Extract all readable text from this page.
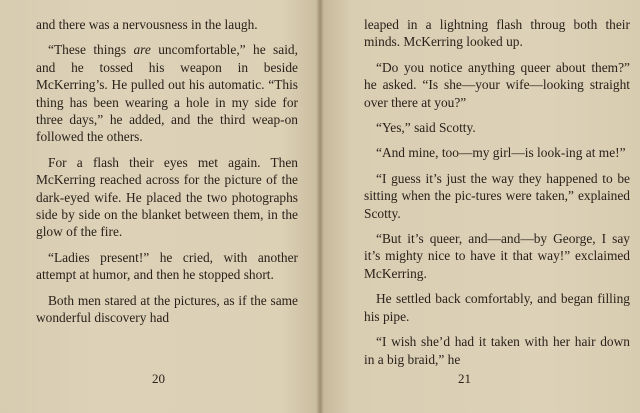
and there was a nervousness in the laugh.

“These things are uncomfortable,” he said, and he tossed his weapon in beside McKerring’s. He pulled out his automatic. “This thing has been wearing a hole in my side for three days,” he added, and the third weap-on followed the others.

For a flash their eyes met again. Then McKerring reached across for the picture of the dark-eyed wife. He placed the two photographs side by side on the blanket between them, in the glow of the fire.

“Ladies present!” he cried, with another attempt at humor, and then he stopped short.

Both men stared at the pictures, as if the same wonderful discovery had

20

leaped in a lightning flash throug both their minds. McKerring looked up.

“Do you notice anything queer about them?” he asked. “Is she—your wife—looking straight over there at you?”

“Yes,” said Scotty.

“And mine, too—my girl—is look-ing at me!”

“I guess it’s just the way they happened to be sitting when the pic-tures were taken,” explained Scotty.

“But it’s queer, and—and—by George, I say it’s mighty nice to have it that way!” exclaimed McKerring.

He settled back comfortably, and began filling his pipe.

“I wish she’d had it taken with her hair down in a big braid,” he

21
